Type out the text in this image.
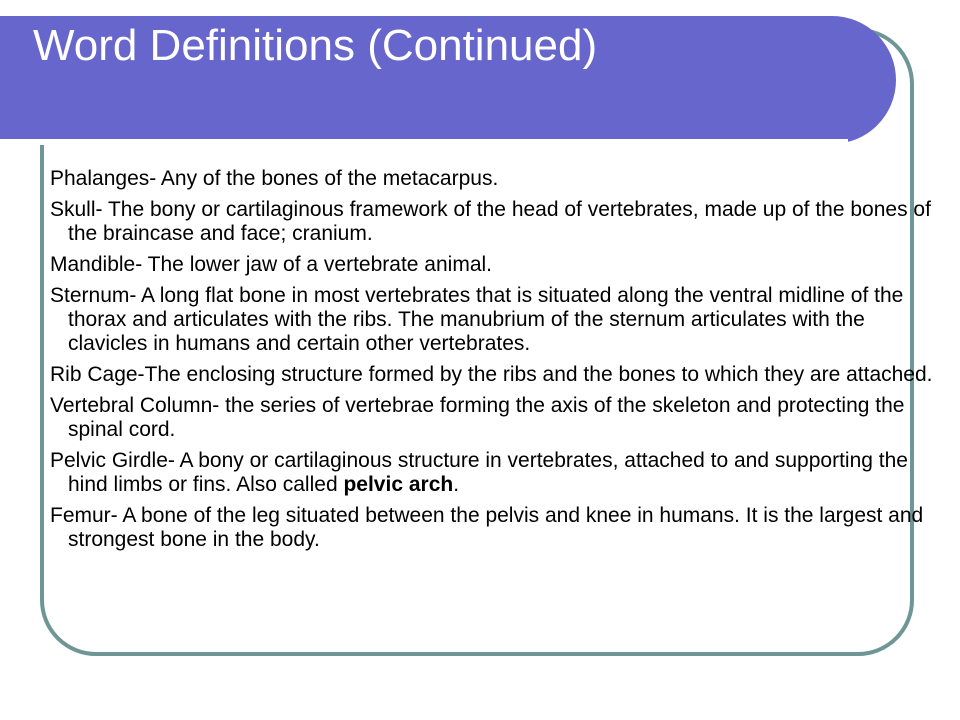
Word Definitions (Continued)
Phalanges- Any of the bones of the metacarpus.
Skull- The bony or cartilaginous framework of the head of vertebrates, made up of the bones of the braincase and face; cranium.
Mandible- The lower jaw of a vertebrate animal.
Sternum- A long flat bone in most vertebrates that is situated along the ventral midline of the thorax and articulates with the ribs. The manubrium of the sternum articulates with the clavicles in humans and certain other vertebrates.
Rib Cage-The enclosing structure formed by the ribs and the bones to which they are attached.
Vertebral Column- the series of vertebrae forming the axis of the skeleton and protecting the spinal cord.
Pelvic Girdle- A bony or cartilaginous structure in vertebrates, attached to and supporting the hind limbs or fins. Also called pelvic arch.
Femur- A bone of the leg situated between the pelvis and knee in humans. It is the largest and strongest bone in the body.
